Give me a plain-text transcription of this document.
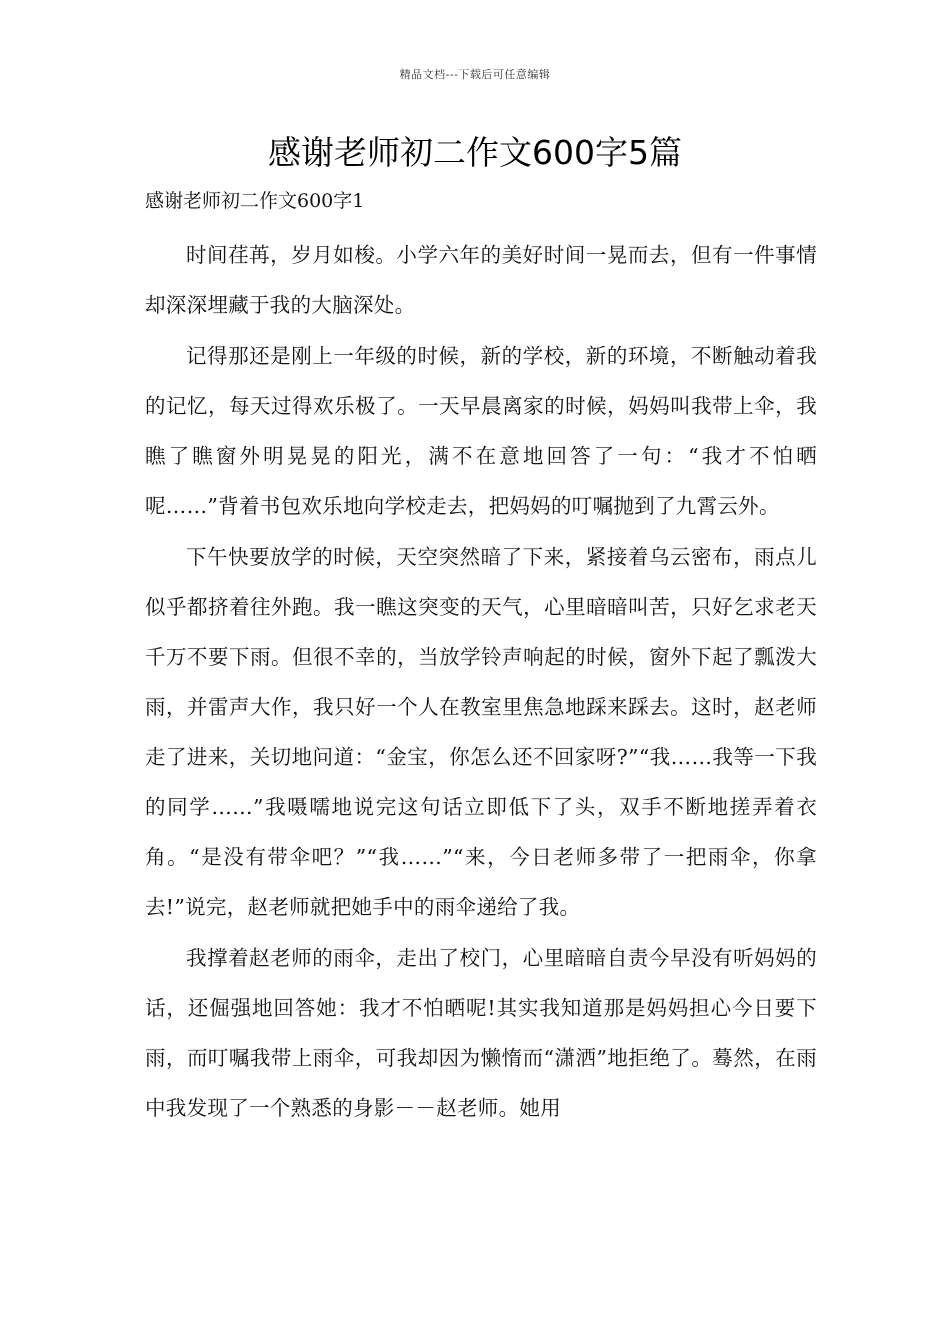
精品文档---下载后可任意编辑
感谢老师初二作文600字5篇
感谢老师初二作文600字1

时间荏苒，岁月如梭。小学六年的美好时间一晃而去，但有一件事情却深深埋藏于我的大脑深处。

记得那还是刚上一年级的时候，新的学校，新的环境，不断触动着我的记忆，每天过得欢乐极了。一天早晨离家的时候，妈妈叫我带上伞，我瞧了瞧窗外明晃晃的阳光，满不在意地回答了一句：“我才不怕晒呢……”背着书包欢乐地向学校走去，把妈妈的叮嘱抛到了九霄云外。

下午快要放学的时候，天空突然暗了下来，紧接着乌云密布，雨点儿似乎都挤着往外跑。我一瞧这突变的天气，心里暗暗叫苦，只好乞求老天千万不要下雨。但很不幸的，当放学铃声响起的时候，窗外下起了瓢泼大雨，并雷声大作，我只好一个人在教室里焦急地踩来踩去。这时，赵老师走了进来，关切地问道：“金宝，你怎么还不回家呀?”“我……我等一下我的同学……”我嗫嚅地说完这句话立即低下了头，双手不断地搓弄着衣角。“是没有带伞吧？”“我……”“来，今日老师多带了一把雨伞，你拿去!”说完，赵老师就把她手中的雨伞递给了我。

我撑着赵老师的雨伞，走出了校门，心里暗暗自责今早没有听妈妈的话，还倔强地回答她：我才不怕晒呢!其实我知道那是妈妈担心今日要下雨，而叮嘱我带上雨伞，可我却因为懒惰而“潇洒”地拒绝了。蓦然，在雨中我发现了一个熟悉的身影－－赵老师。她用
